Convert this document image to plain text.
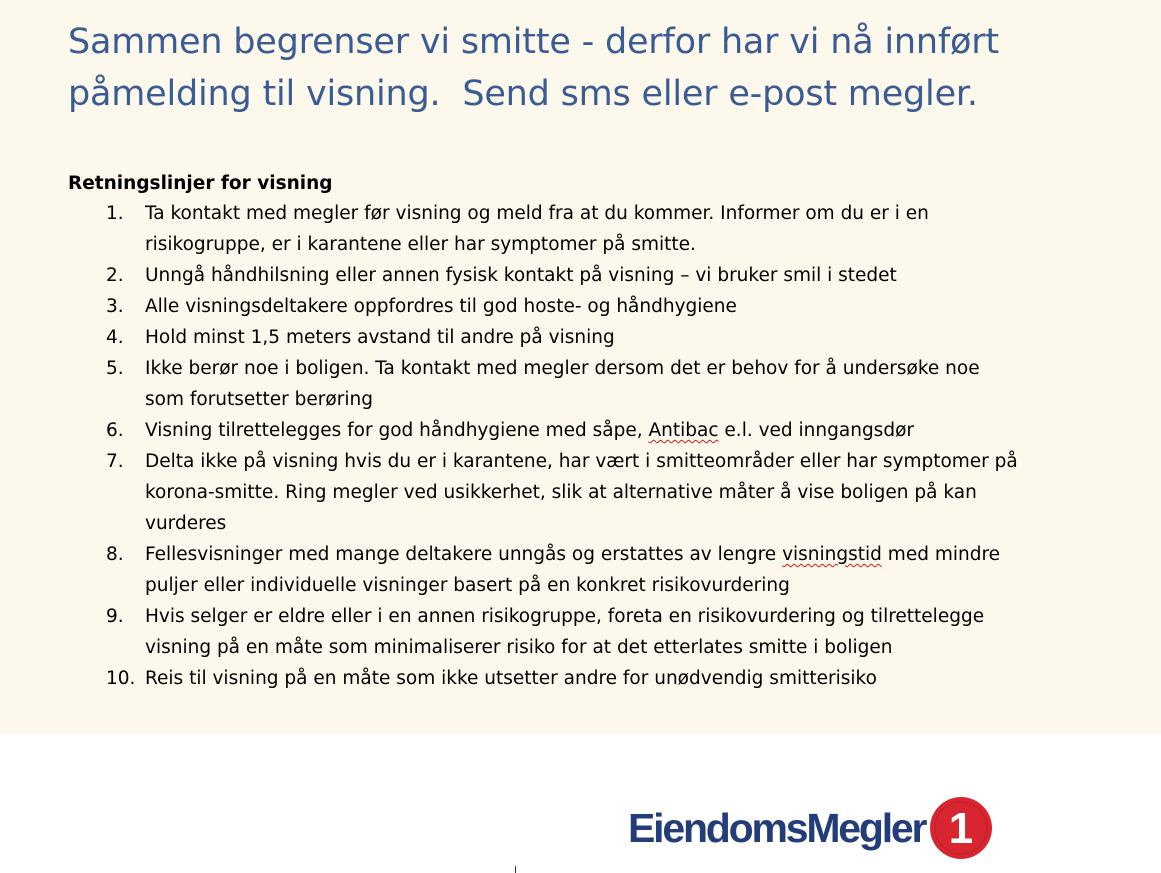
Sammen begrenser vi smitte - derfor har vi nå innført
påmelding til visning.  Send sms eller e-post megler.

Retningslinjer for visning

1.	Ta kontakt med megler før visning og meld fra at du kommer. Informer om du er i en
risikogruppe, er i karantene eller har symptomer på smitte.
2.	Unngå håndhilsning eller annen fysisk kontakt på visning – vi bruker smil i stedet
3.	Alle visningsdeltakere oppfordres til god hoste- og håndhygiene
4.	Hold minst 1,5 meters avstand til andre på visning
5.	Ikke berør noe i boligen. Ta kontakt med megler dersom det er behov for å undersøke noe
som forutsetter berøring
6.	Visning tilrettelegges for god håndhygiene med såpe, Antibac e.l. ved inngangsdør
7.	Delta ikke på visning hvis du er i karantene, har vært i smitteområder eller har symptomer på
korona-smitte. Ring megler ved usikkerhet, slik at alternative måter å vise boligen på kan
vurderes
8.	Fellesvisninger med mange deltakere unngås og erstattes av lengre visningstid med mindre
puljer eller individuelle visninger basert på en konkret risikovurdering
9.	Hvis selger er eldre eller i en annen risikogruppe, foreta en risikovurdering og tilrettelegge
visning på en måte som minimaliserer risiko for at det etterlates smitte i boligen
10. Reis til visning på en måte som ikke utsetter andre for unødvendig smitterisiko
EiendomsMegler 1
